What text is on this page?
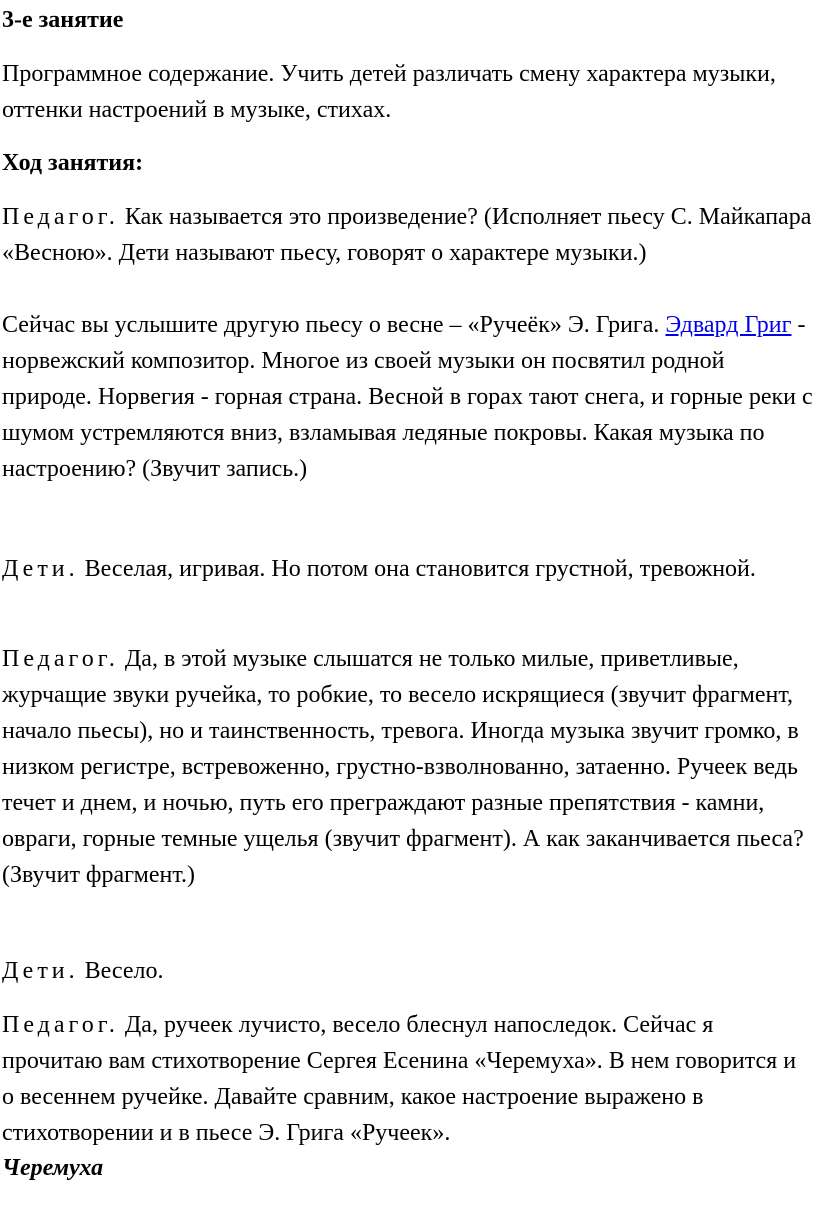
3-е занятие
Программное содержание. Учить детей различать смену характера музыки, оттенки настроений в музыке, стихах.
Ход занятия:
Педагог. Как называется это произведение? (Исполняет пьесу С. Майкапара «Весною». Дети называют пьесу, говорят о характере музыки.)
Сейчас вы услышите другую пьесу о весне – «Ручеёк» Э. Грига. Эдвард Григ - норвежский композитор. Многое из своей музыки он посвятил родной природе. Норвегия - горная страна. Весной в горах тают снега, и горные реки с шумом устремляются вниз, взламывая ледяные покровы. Какая музыка по настроению? (Звучит запись.)
Дети. Веселая, игривая. Но потом она становится грустной, тревожной.
Педагог. Да, в этой музыке слышатся не только милые, приветливые, журчащие звуки ручейка, то робкие, то весело искрящиеся (звучит фрагмент, начало пьесы), но и таинственность, тревога. Иногда музыка звучит громко, в низком регистре, встревоженно, грустно-взволнованно, затаенно. Ручеек ведь течет и днем, и ночью, путь его преграждают разные препятствия - камни, овраги, горные темные ущелья (звучит фрагмент). А как заканчивается пьеса? (Звучит фрагмент.)
Дети. Весело.
Педагог. Да, ручеек лучисто, весело блеснул напоследок. Сейчас я прочитаю вам стихотворение Сергея Есенина «Черемуха». В нем говорится и о весеннем ручейке. Давайте сравним, какое настроение выражено в стихотворении и в пьесе Э. Грига «Ручеек».
Черемуха
